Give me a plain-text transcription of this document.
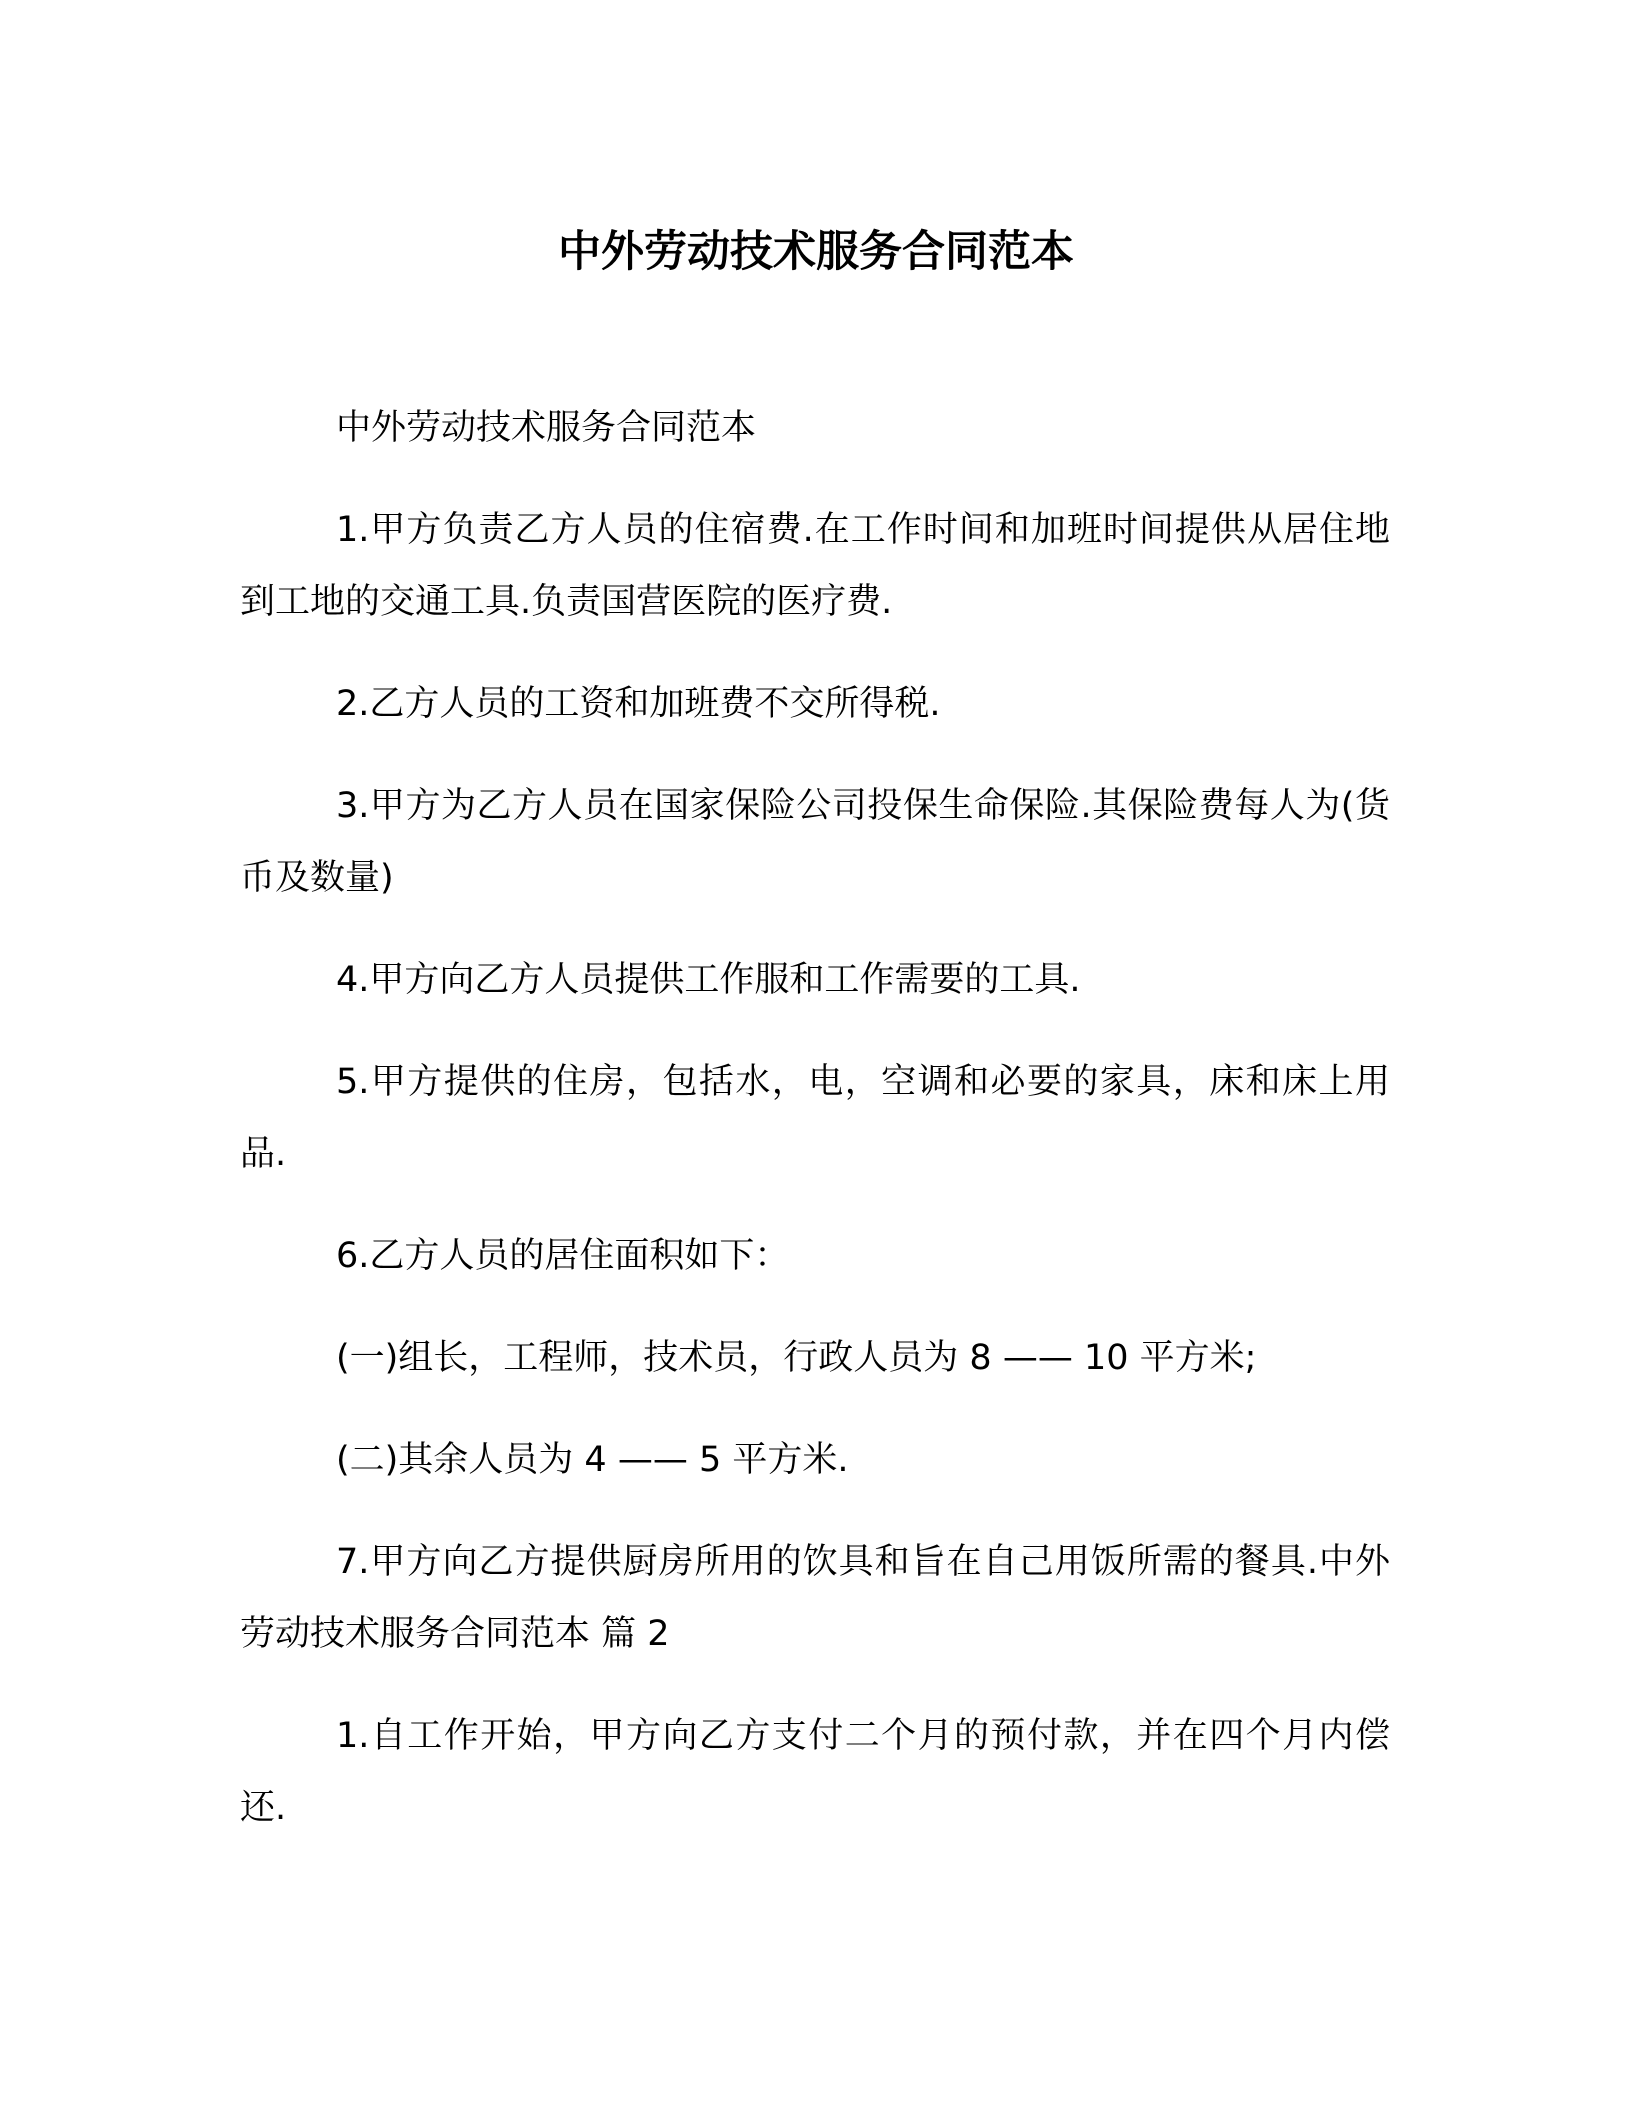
中外劳动技术服务合同范本

中外劳动技术服务合同范本

1.甲方负责乙方人员的住宿费.在工作时间和加班时间提供从居住地到工地的交通工具.负责国营医院的医疗费.

2.乙方人员的工资和加班费不交所得税.

3.甲方为乙方人员在国家保险公司投保生命保险.其保险费每人为(货币及数量)

4.甲方向乙方人员提供工作服和工作需要的工具.

5.甲方提供的住房，包括水，电，空调和必要的家具，床和床上用品.

6.乙方人员的居住面积如下：

(一)组长，工程师，技术员，行政人员为 8 —— 10 平方米;

(二)其余人员为 4 —— 5 平方米.

7.甲方向乙方提供厨房所用的饮具和旨在自己用饭所需的餐具.中外劳动技术服务合同范本 篇 2

1.自工作开始，甲方向乙方支付二个月的预付款，并在四个月内偿还.
